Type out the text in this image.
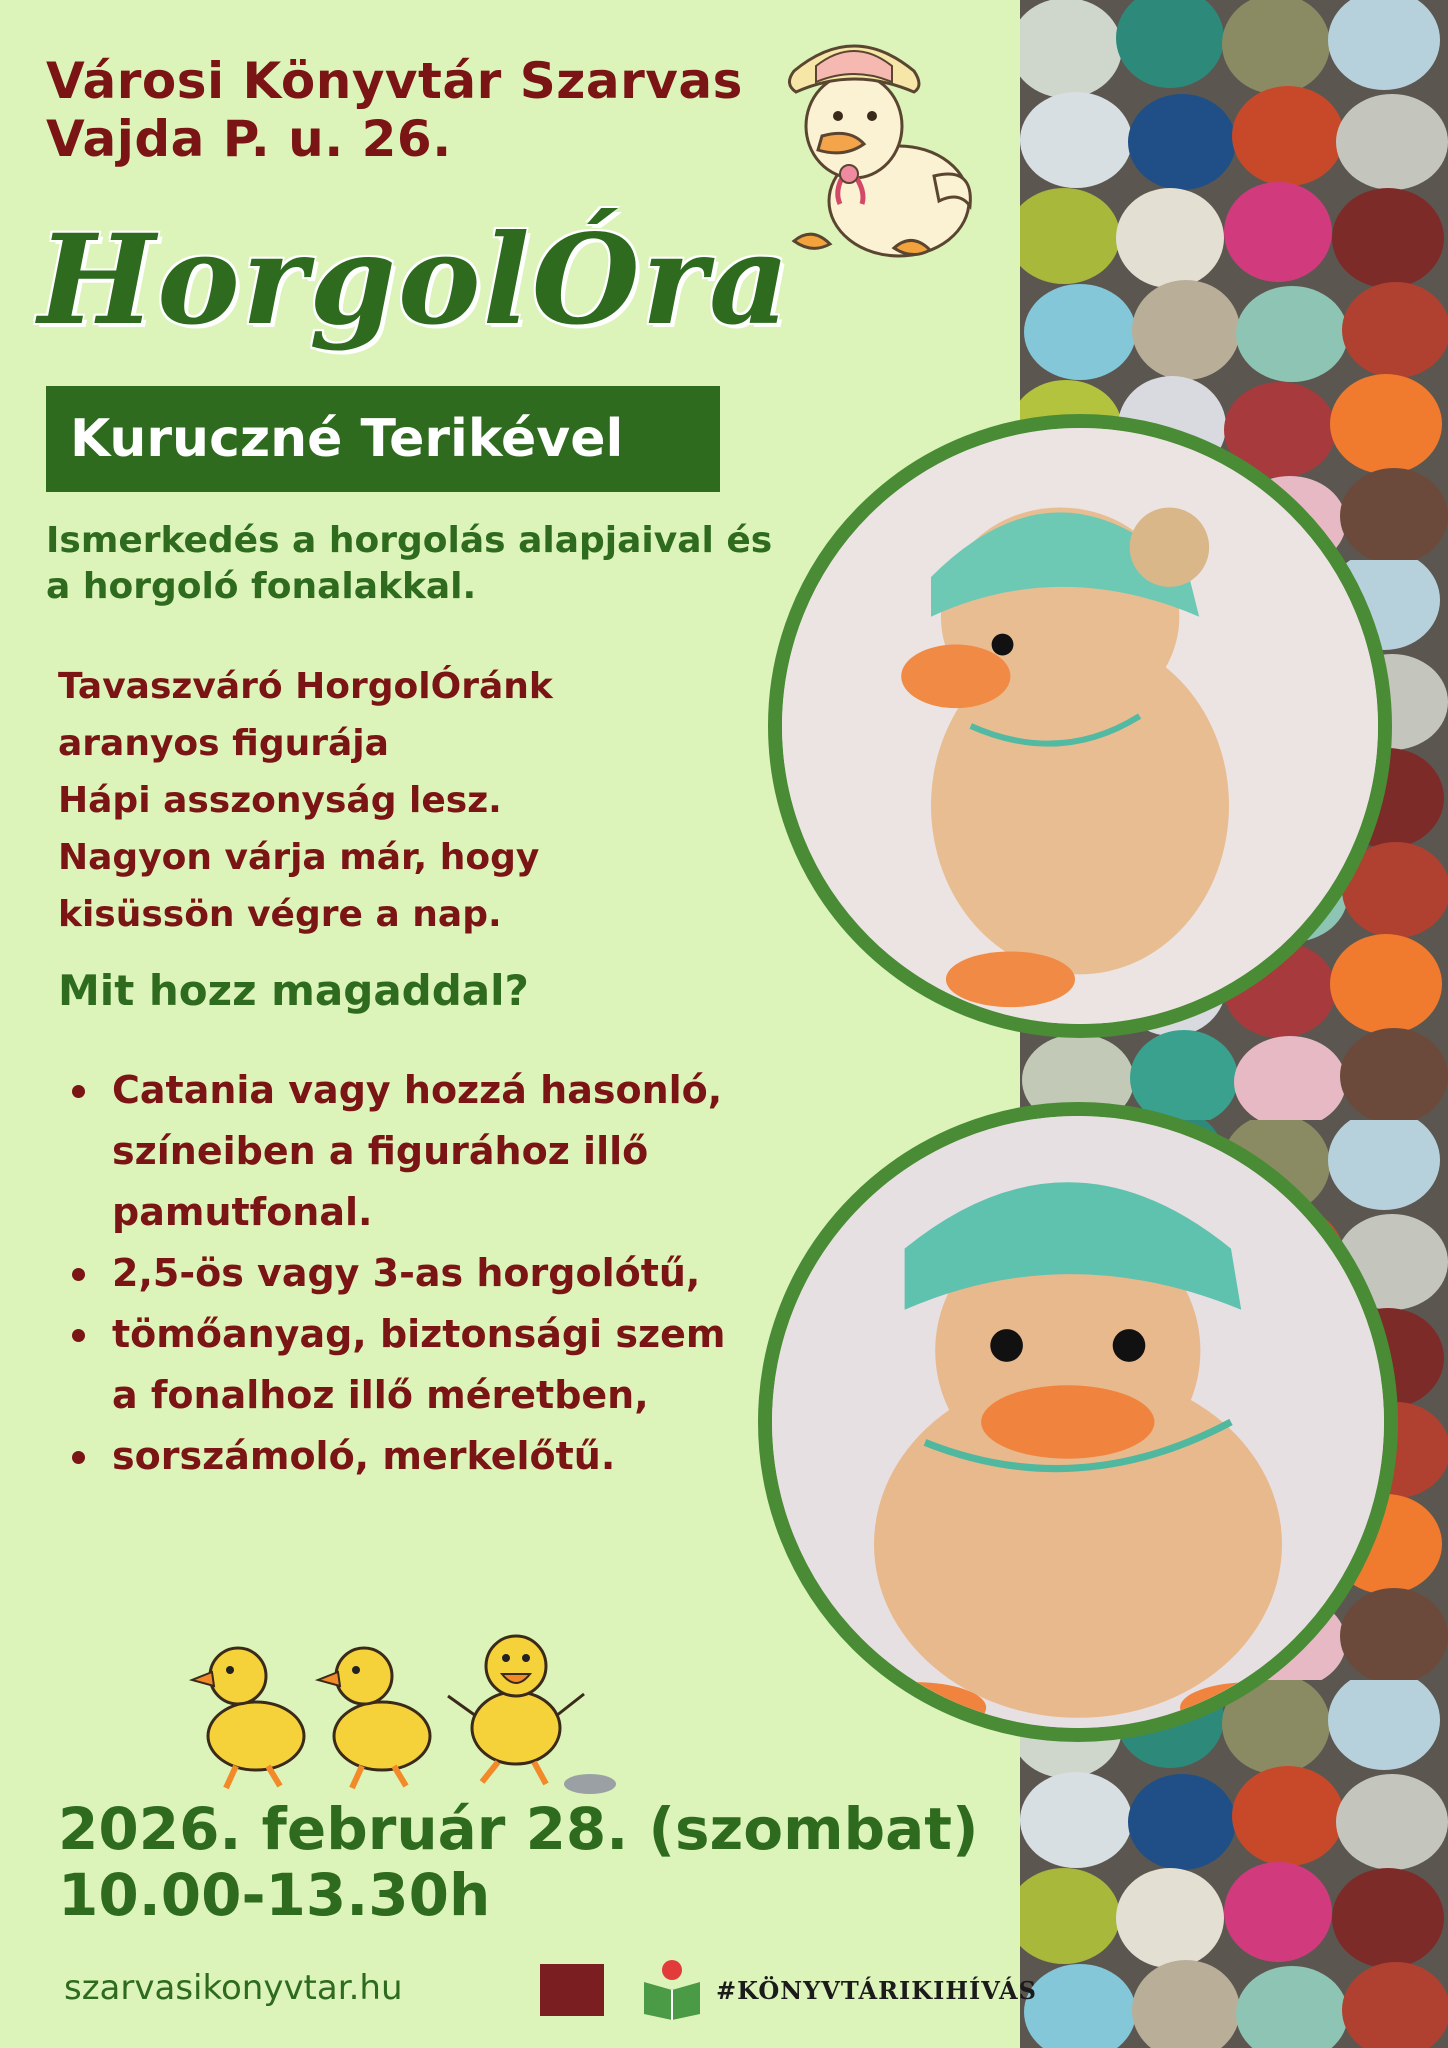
Városi Könyvtár Szarvas
Vajda P. u. 26.
HorgolÓra
Kuruczné Terikével

Ismerkedés a horgolás alapjaival és a horgoló fonalakkal.

Tavaszváró HorgolÓránk
aranyos figurája
Hápi asszonyság lesz.
Nagyon várja már, hogy
kisüssön végre a nap.

Mit hozz magaddal?
Catania vagy hozzá hasonló, színeiben a figurához illő pamutfonal.
2,5-ös vagy 3-as horgolótű,
tömőanyag, biztonsági szem a fonalhoz illő méretben,
sorszámoló, merkelőtű.
2026. február 28. (szombat)
10.00-13.30h
szarvasikonyvtar.hu	#KÖNYVTÁRIKIHÍVÁS
